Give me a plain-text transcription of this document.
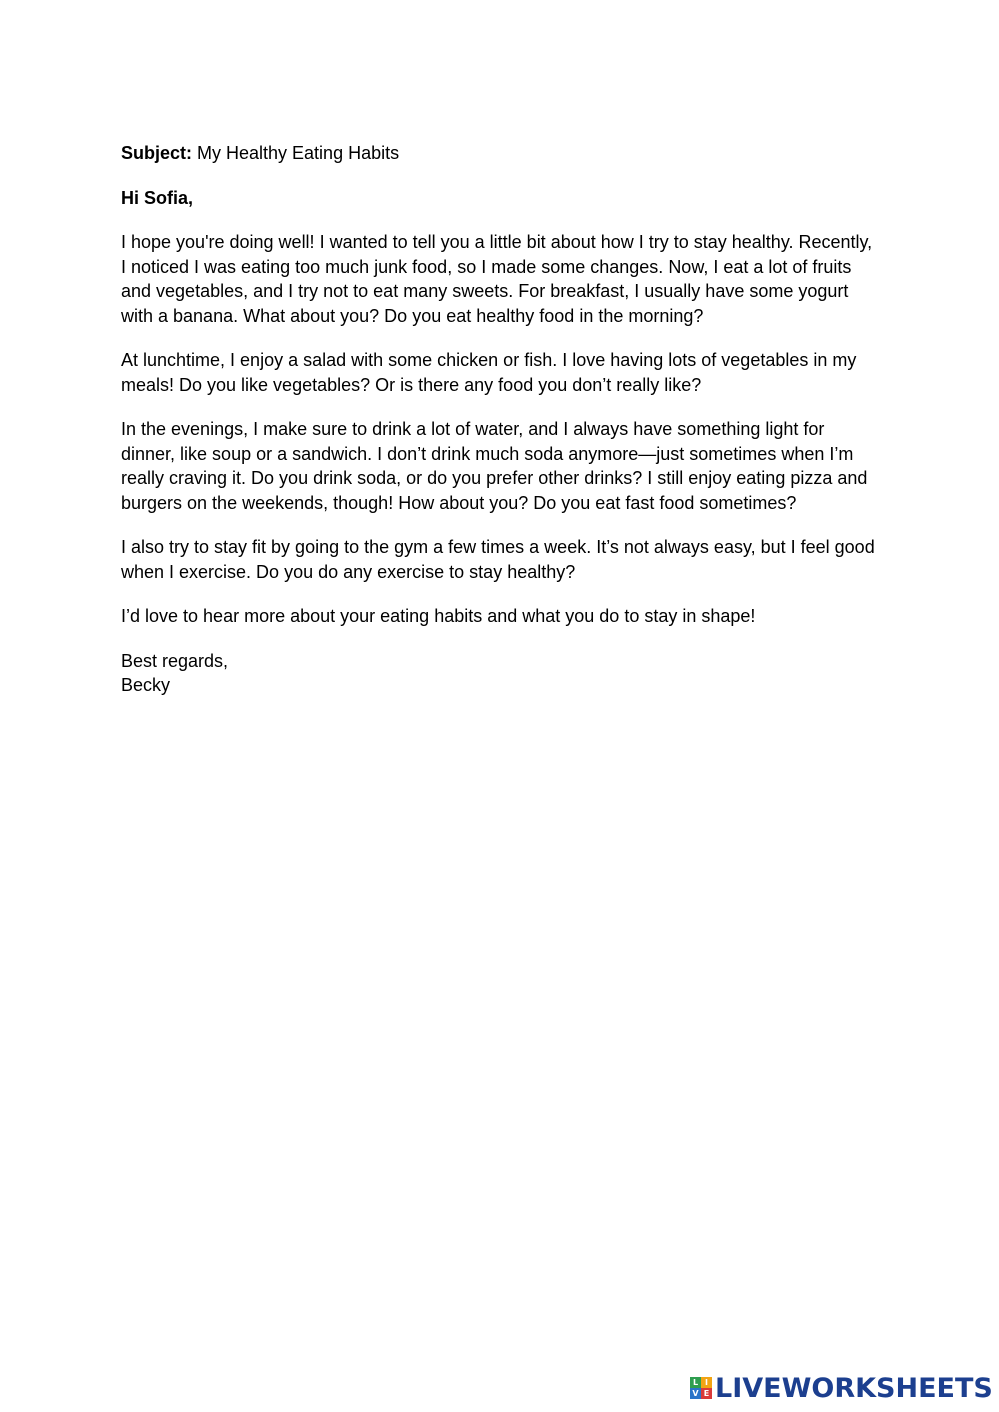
Subject: My Healthy Eating Habits

Hi Sofia,

I hope you're doing well! I wanted to tell you a little bit about how I try to stay healthy. Recently, I noticed I was eating too much junk food, so I made some changes. Now, I eat a lot of fruits and vegetables, and I try not to eat many sweets. For breakfast, I usually have some yogurt with a banana. What about you? Do you eat healthy food in the morning?

At lunchtime, I enjoy a salad with some chicken or fish. I love having lots of vegetables in my meals! Do you like vegetables? Or is there any food you don’t really like?

In the evenings, I make sure to drink a lot of water, and I always have something light for dinner, like soup or a sandwich. I don’t drink much soda anymore—just sometimes when I’m really craving it. Do you drink soda, or do you prefer other drinks? I still enjoy eating pizza and burgers on the weekends, though! How about you? Do you eat fast food sometimes?

I also try to stay fit by going to the gym a few times a week. It’s not always easy, but I feel good when I exercise. Do you do any exercise to stay healthy?

I’d love to hear more about your eating habits and what you do to stay in shape!

Best regards,
Becky

L I
V E LIVEWORKSHEETS
